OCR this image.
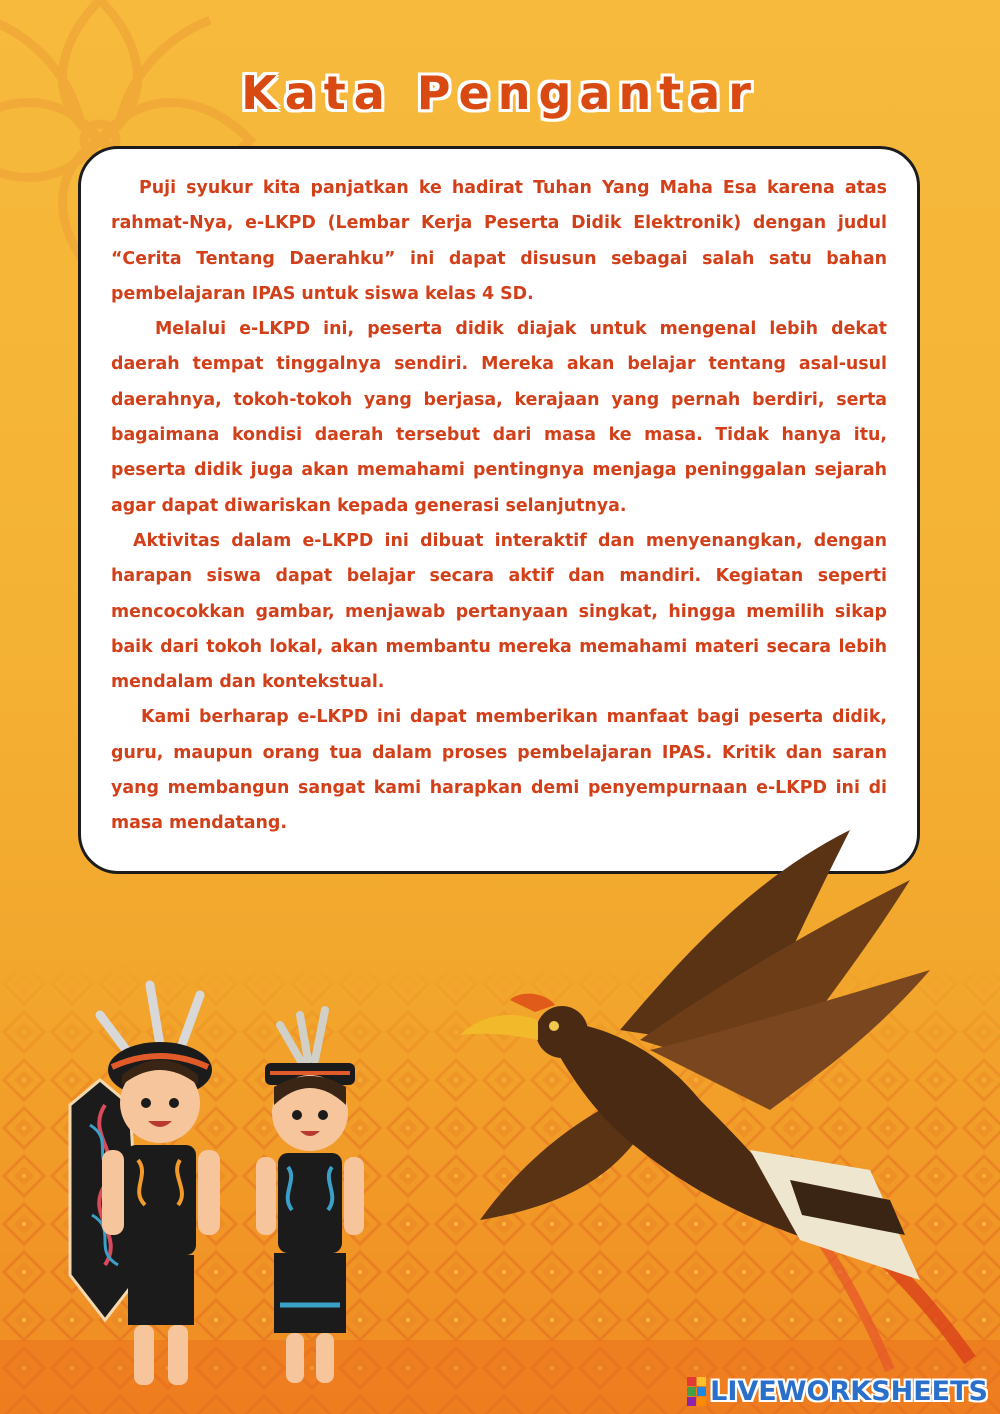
Kata Pengantar

Puji syukur kita panjatkan ke hadirat Tuhan Yang Maha Esa karena atas rahmat-Nya, e-LKPD (Lembar Kerja Peserta Didik Elektronik) dengan judul “Cerita Tentang Daerahku” ini dapat disusun sebagai salah satu bahan pembelajaran IPAS untuk siswa kelas 4 SD.

Melalui e-LKPD ini, peserta didik diajak untuk mengenal lebih dekat daerah tempat tinggalnya sendiri. Mereka akan belajar tentang asal-usul daerahnya, tokoh-tokoh yang berjasa, kerajaan yang pernah berdiri, serta bagaimana kondisi daerah tersebut dari masa ke masa. Tidak hanya itu, peserta didik juga akan memahami pentingnya menjaga peninggalan sejarah agar dapat diwariskan kepada generasi selanjutnya.

Aktivitas dalam e-LKPD ini dibuat interaktif dan menyenangkan, dengan harapan siswa dapat belajar secara aktif dan mandiri. Kegiatan seperti mencocokkan gambar, menjawab pertanyaan singkat, hingga memilih sikap baik dari tokoh lokal, akan membantu mereka memahami materi secara lebih mendalam dan kontekstual.

Kami berharap e-LKPD ini dapat memberikan manfaat bagi peserta didik, guru, maupun orang tua dalam proses pembelajaran IPAS. Kritik dan saran yang membangun sangat kami harapkan demi penyempurnaan e-LKPD ini di masa mendatang.

LIVEWORKSHEETS
